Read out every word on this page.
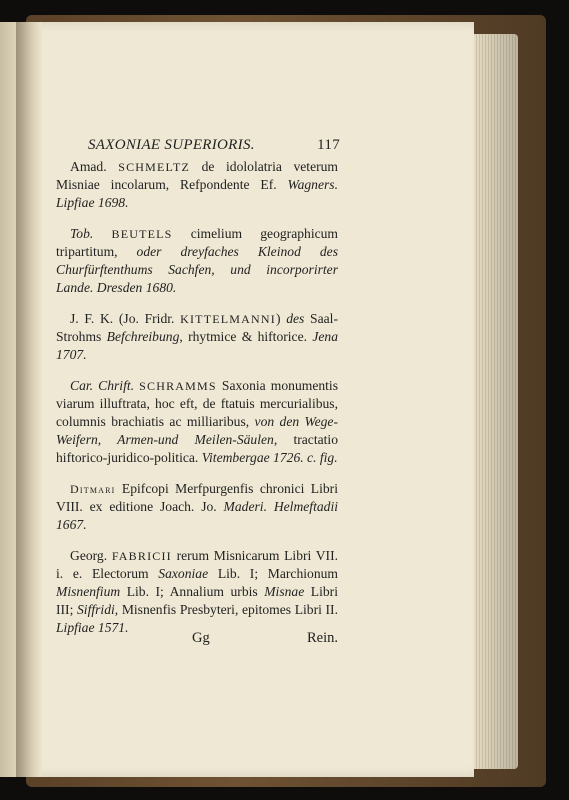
SAXONIAE SUPERIORIS.	117

Amad. SCHMELTZ de idololatria veterum Misniae incolarum, Refpondente Ef. Wagners. Lipfiae 1698.

Tob. BEUTELS cimelium geographicum tripartitum, oder dreyfaches Kleinod des Churfürftenthums Sachfen, und incorporirter Lande. Dresden 1680.

J. F. K. (Jo. Fridr. KITTELMANNI) des Saal-Strohms Befchreibung, rhytmice & hiftorice. Jena 1707.

Car. Chrift. SCHRAMMS Saxonia monumentis viarum illuftrata, hoc eft, de ftatuis mercurialibus, columnis brachiatis ac milliaribus, von den Wege-Weifern, Armen-und Meilen-Säulen, tractatio hiftorico-juridico-politica. Vitembergae 1726. c. fig.

Ditmari Epifcopi Merfpurgenfis chronici Libri VIII. ex editione Joach. Jo. Maderi. Helmeftadii 1667.

Georg. FABRICII rerum Misnicarum Libri VII. i. e. Electorum Saxoniae Lib. I; Marchionum Misnenfium Lib. I; Annalium urbis Misnae Libri III; Siffridi, Misnenfis Presbyteri, epitomes Libri II. Lipfiae 1571.

Gg	Rein.
